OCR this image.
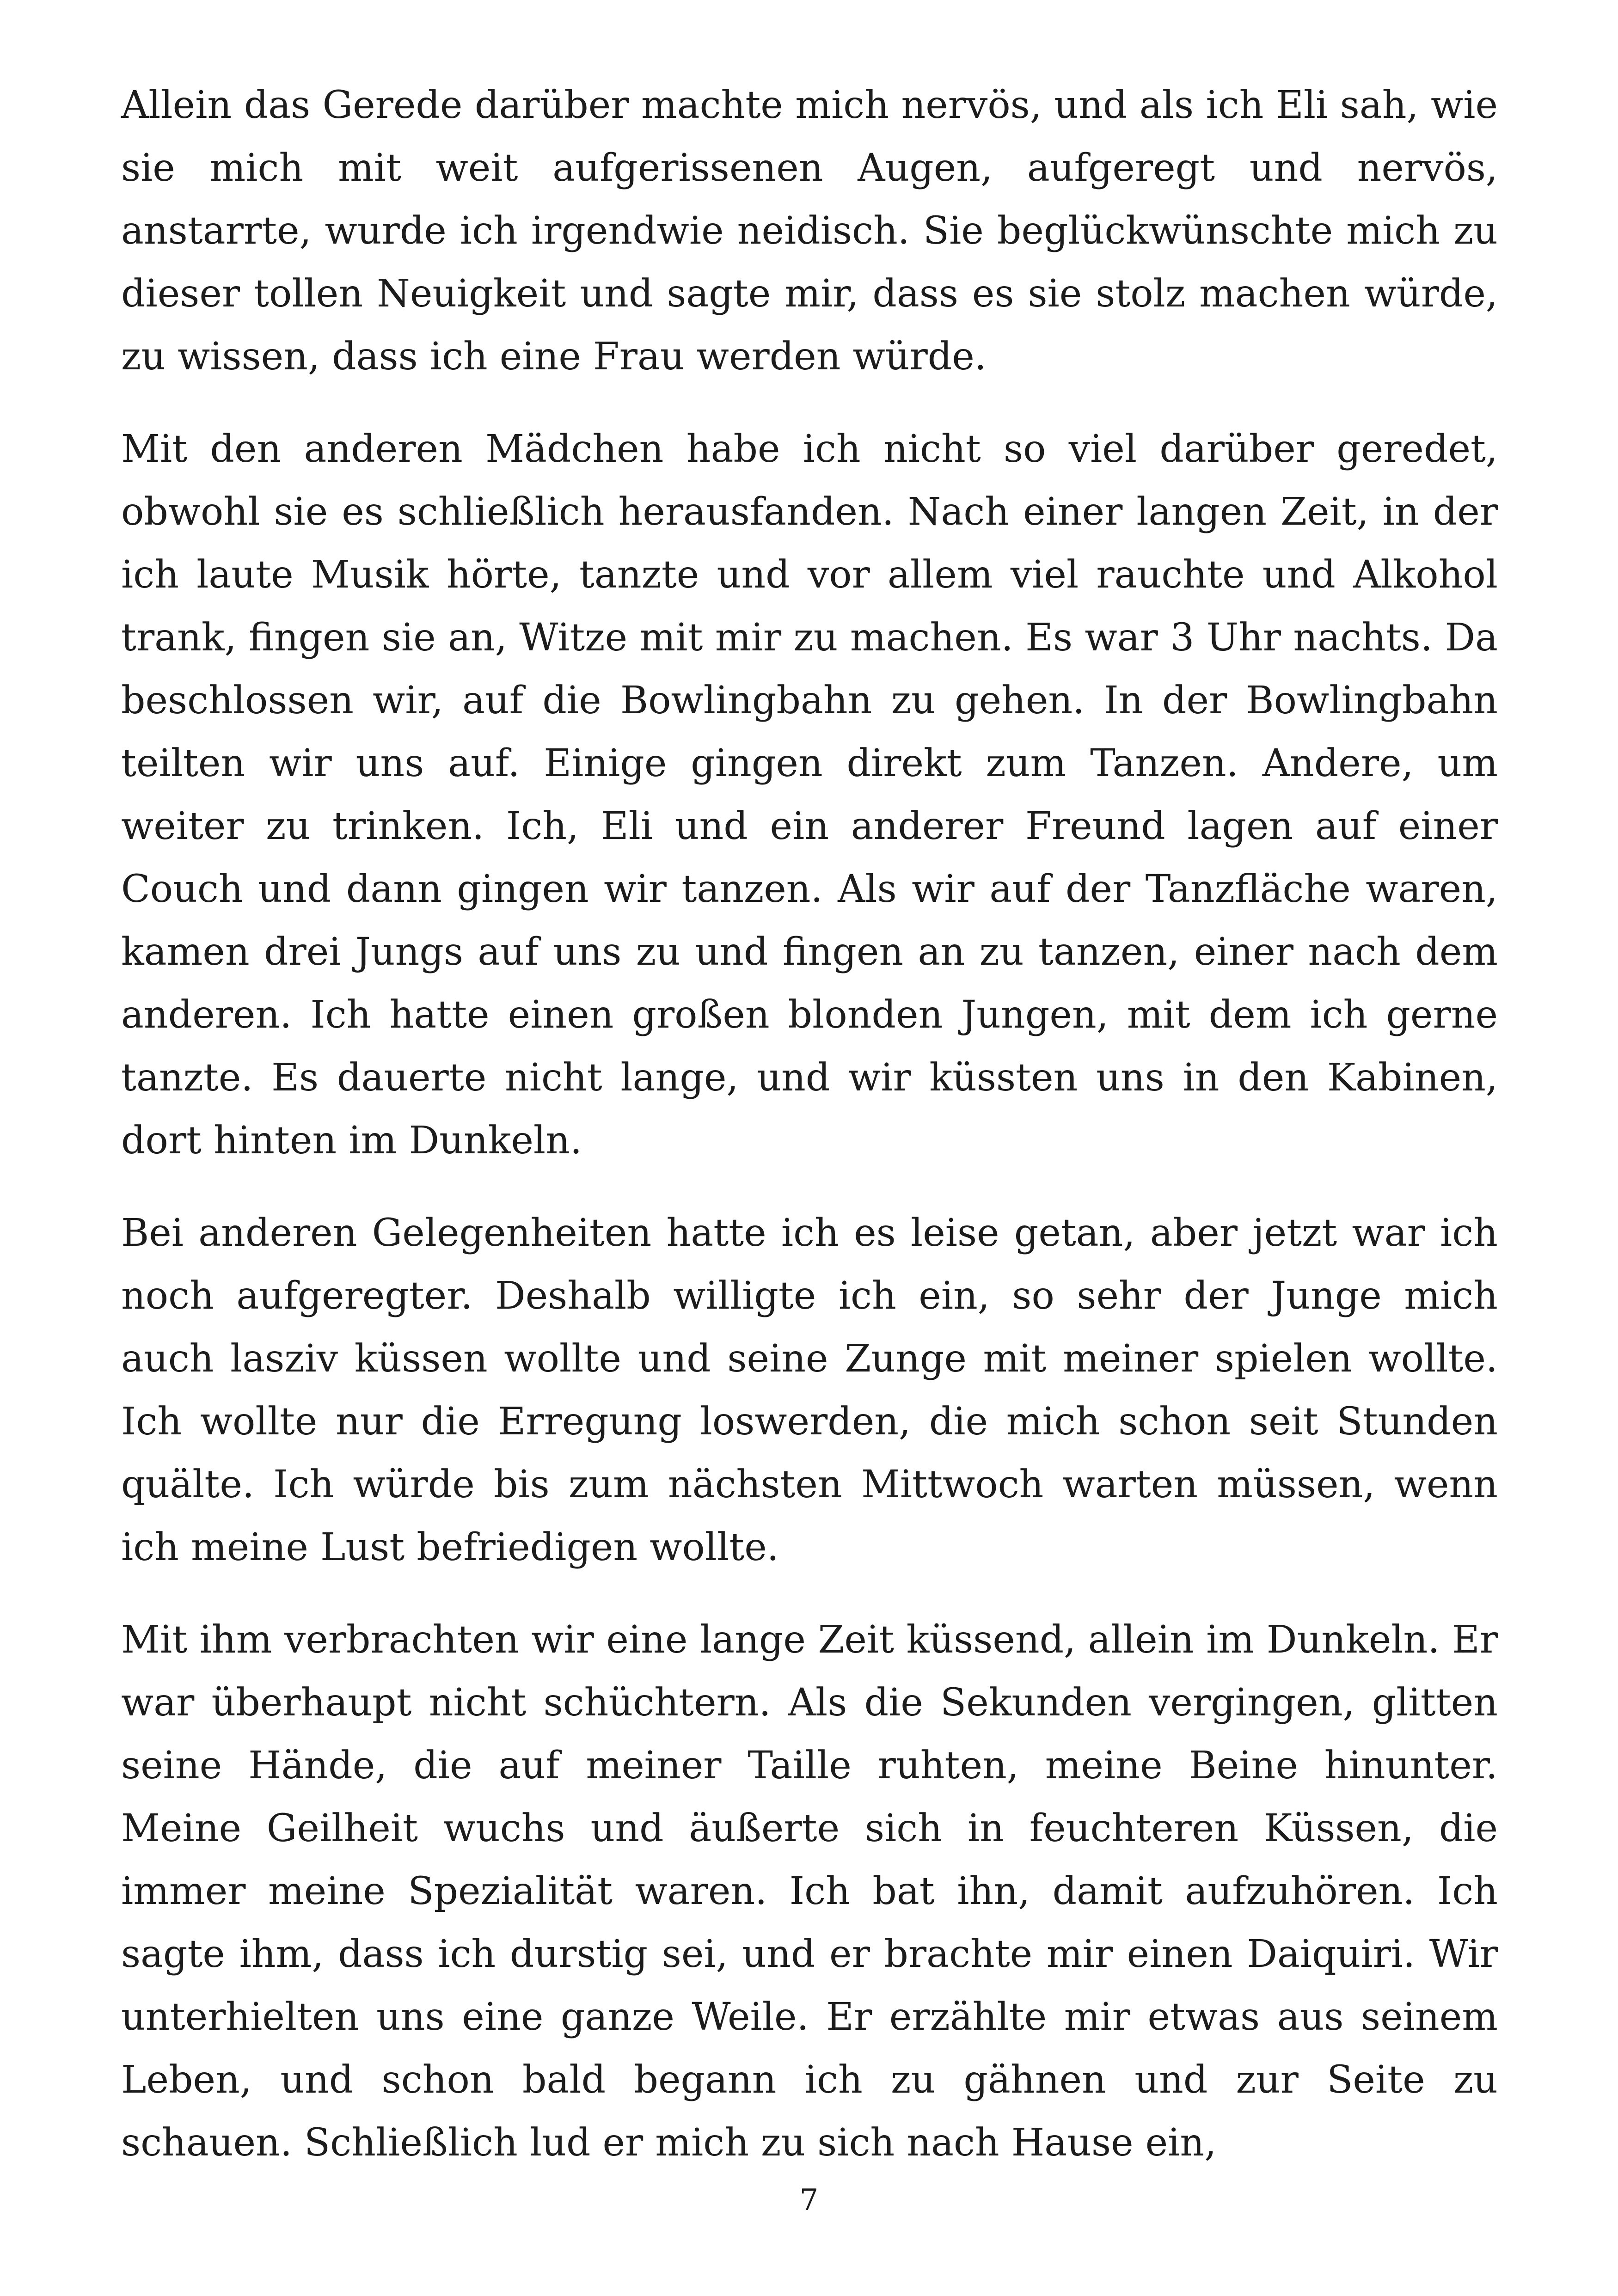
Allein das Gerede darüber machte mich nervös, und als ich Eli sah, wie sie mich mit weit aufgerissenen Augen, aufgeregt und nervös, anstarrte, wurde ich irgendwie neidisch. Sie beglückwünschte mich zu dieser tollen Neuigkeit und sagte mir, dass es sie stolz machen würde, zu wissen, dass ich eine Frau werden würde.

Mit den anderen Mädchen habe ich nicht so viel darüber geredet, obwohl sie es schließlich herausfanden. Nach einer langen Zeit, in der ich laute Musik hörte, tanzte und vor allem viel rauchte und Alkohol trank, fingen sie an, Witze mit mir zu machen. Es war 3 Uhr nachts. Da beschlossen wir, auf die Bowlingbahn zu gehen. In der Bowlingbahn teilten wir uns auf. Einige gingen direkt zum Tanzen. Andere, um weiter zu trinken. Ich, Eli und ein anderer Freund lagen auf einer Couch und dann gingen wir tanzen. Als wir auf der Tanzfläche waren, kamen drei Jungs auf uns zu und fingen an zu tanzen, einer nach dem anderen. Ich hatte einen großen blonden Jungen, mit dem ich gerne tanzte. Es dauerte nicht lange, und wir küssten uns in den Kabinen, dort hinten im Dunkeln.

Bei anderen Gelegenheiten hatte ich es leise getan, aber jetzt war ich noch aufgeregter. Deshalb willigte ich ein, so sehr der Junge mich auch lasziv küssen wollte und seine Zunge mit meiner spielen wollte. Ich wollte nur die Erregung loswerden, die mich schon seit Stunden quälte. Ich würde bis zum nächsten Mittwoch warten müssen, wenn ich meine Lust befriedigen wollte.

Mit ihm verbrachten wir eine lange Zeit küssend, allein im Dunkeln. Er war überhaupt nicht schüchtern. Als die Sekunden vergingen, glitten seine Hände, die auf meiner Taille ruhten, meine Beine hinunter. Meine Geilheit wuchs und äußerte sich in feuchteren Küssen, die immer meine Spezialität waren. Ich bat ihn, damit aufzuhören. Ich sagte ihm, dass ich durstig sei, und er brachte mir einen Daiquiri. Wir unterhielten uns eine ganze Weile. Er erzählte mir etwas aus seinem Leben, und schon bald begann ich zu gähnen und zur Seite zu schauen. Schließlich lud er mich zu sich nach Hause ein,

7
